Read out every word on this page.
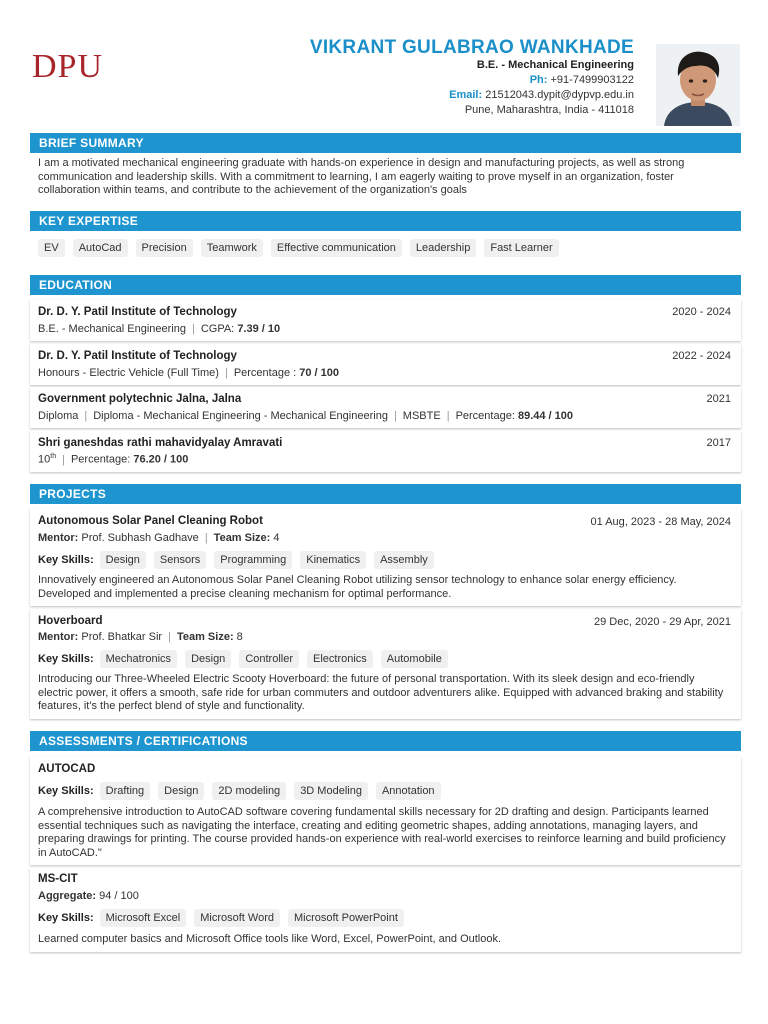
DPU
VIKRANT GULABRAO WANKHADE
B.E. - Mechanical Engineering
Ph: +91-7499903122
Email: 21512043.dypit@dypvp.edu.in
Pune, Maharashtra, India - 411018
BRIEF SUMMARY
I am a motivated mechanical engineering graduate with hands-on experience in design and manufacturing projects, as well as strong communication and leadership skills. With a commitment to learning, I am eagerly waiting to prove myself in an organization, foster collaboration within teams, and contribute to the achievement of the organization's goals
KEY EXPERTISE
EV	AutoCad	Precision	Teamwork	Effective communication	Leadership	Fast Learner
EDUCATION
Dr. D. Y. Patil Institute of Technology	2020 - 2024
B.E. - Mechanical Engineering | CGPA: 7.39 / 10
Dr. D. Y. Patil Institute of Technology	2022 - 2024
Honours - Electric Vehicle (Full Time) | Percentage : 70 / 100
Government polytechnic Jalna, Jalna	2021
Diploma | Diploma - Mechanical Engineering - Mechanical Engineering | MSBTE | Percentage: 89.44 / 100
Shri ganeshdas rathi mahavidyalay Amravati	2017
10th | Percentage: 76.20 / 100
PROJECTS
Autonomous Solar Panel Cleaning Robot	01 Aug, 2023 - 28 May, 2024
Mentor: Prof. Subhash Gadhave | Team Size: 4
Key Skills:	Design	Sensors	Programming	Kinematics	Assembly
Innovatively engineered an Autonomous Solar Panel Cleaning Robot utilizing sensor technology to enhance solar energy efficiency. Developed and implemented a precise cleaning mechanism for optimal performance.
Hoverboard	29 Dec, 2020 - 29 Apr, 2021
Mentor: Prof. Bhatkar Sir | Team Size: 8
Key Skills:	Mechatronics	Design	Controller	Electronics	Automobile
Introducing our Three-Wheeled Electric Scooty Hoverboard: the future of personal transportation. With its sleek design and eco-friendly electric power, it offers a smooth, safe ride for urban commuters and outdoor adventurers alike. Equipped with advanced braking and stability features, it's the perfect blend of style and functionality.
ASSESSMENTS / CERTIFICATIONS
AUTOCAD
Key Skills:	Drafting	Design	2D modeling	3D Modeling	Annotation
A comprehensive introduction to AutoCAD software covering fundamental skills necessary for 2D drafting and design. Participants learned essential techniques such as navigating the interface, creating and editing geometric shapes, adding annotations, managing layers, and preparing drawings for printing. The course provided hands-on experience with real-world exercises to reinforce learning and build proficiency in AutoCAD."
MS-CIT
Aggregate: 94 / 100
Key Skills:	Microsoft Excel	Microsoft Word	Microsoft PowerPoint
Learned computer basics and Microsoft Office tools like Word, Excel, PowerPoint, and Outlook.
